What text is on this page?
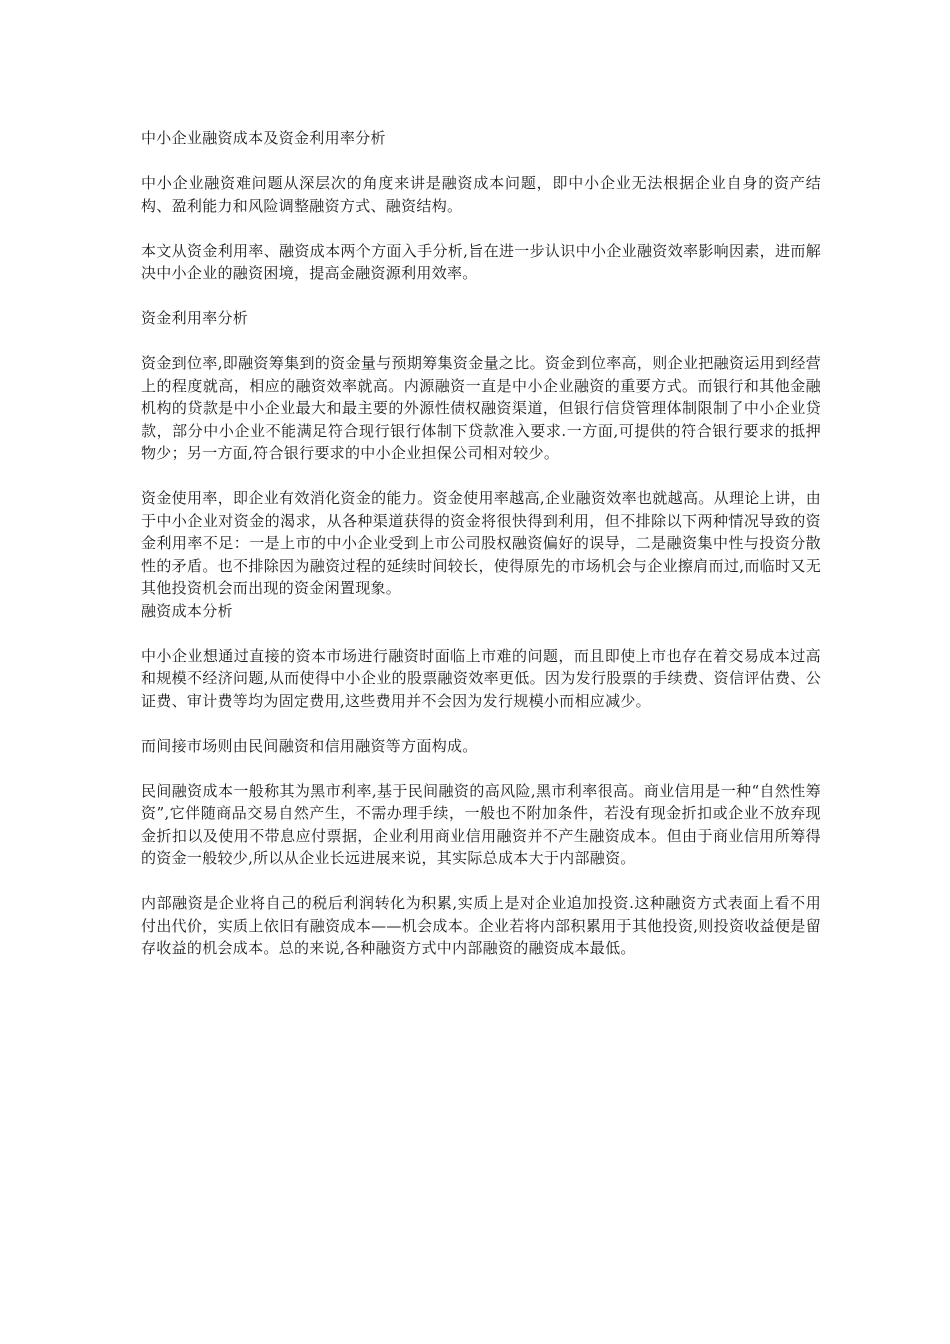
中小企业融资成本及资金利用率分析

中小企业融资难问题从深层次的角度来讲是融资成本问题，即中小企业无法根据企业自身的资产结构、盈利能力和风险调整融资方式、融资结构。

本文从资金利用率、融资成本两个方面入手分析,旨在进一步认识中小企业融资效率影响因素，进而解决中小企业的融资困境，提高金融资源利用效率。

资金利用率分析

资金到位率,即融资筹集到的资金量与预期筹集资金量之比。资金到位率高，则企业把融资运用到经营上的程度就高，相应的融资效率就高。内源融资一直是中小企业融资的重要方式。而银行和其他金融机构的贷款是中小企业最大和最主要的外源性债权融资渠道，但银行信贷管理体制限制了中小企业贷款，部分中小企业不能满足符合现行银行体制下贷款准入要求.一方面,可提供的符合银行要求的抵押物少；另一方面,符合银行要求的中小企业担保公司相对较少。

资金使用率，即企业有效消化资金的能力。资金使用率越高,企业融资效率也就越高。从理论上讲，由于中小企业对资金的渴求，从各种渠道获得的资金将很快得到利用，但不排除以下两种情况导致的资金利用率不足：一是上市的中小企业受到上市公司股权融资偏好的误导，二是融资集中性与投资分散性的矛盾。也不排除因为融资过程的延续时间较长，使得原先的市场机会与企业擦肩而过,而临时又无其他投资机会而出现的资金闲置现象。

融资成本分析

中小企业想通过直接的资本市场进行融资时面临上市难的问题，而且即使上市也存在着交易成本过高和规模不经济问题,从而使得中小企业的股票融资效率更低。因为发行股票的手续费、资信评估费、公证费、审计费等均为固定费用,这些费用并不会因为发行规模小而相应减少。

而间接市场则由民间融资和信用融资等方面构成。

民间融资成本一般称其为黑市利率,基于民间融资的高风险,黑市利率很高。商业信用是一种“自然性筹资”,它伴随商品交易自然产生，不需办理手续，一般也不附加条件，若没有现金折扣或企业不放弃现金折扣以及使用不带息应付票据，企业利用商业信用融资并不产生融资成本。但由于商业信用所筹得的资金一般较少,所以从企业长远进展来说，其实际总成本大于内部融资。

内部融资是企业将自己的税后利润转化为积累,实质上是对企业追加投资.这种融资方式表面上看不用付出代价，实质上依旧有融资成本——机会成本。企业若将内部积累用于其他投资,则投资收益便是留存收益的机会成本。总的来说,各种融资方式中内部融资的融资成本最低。
